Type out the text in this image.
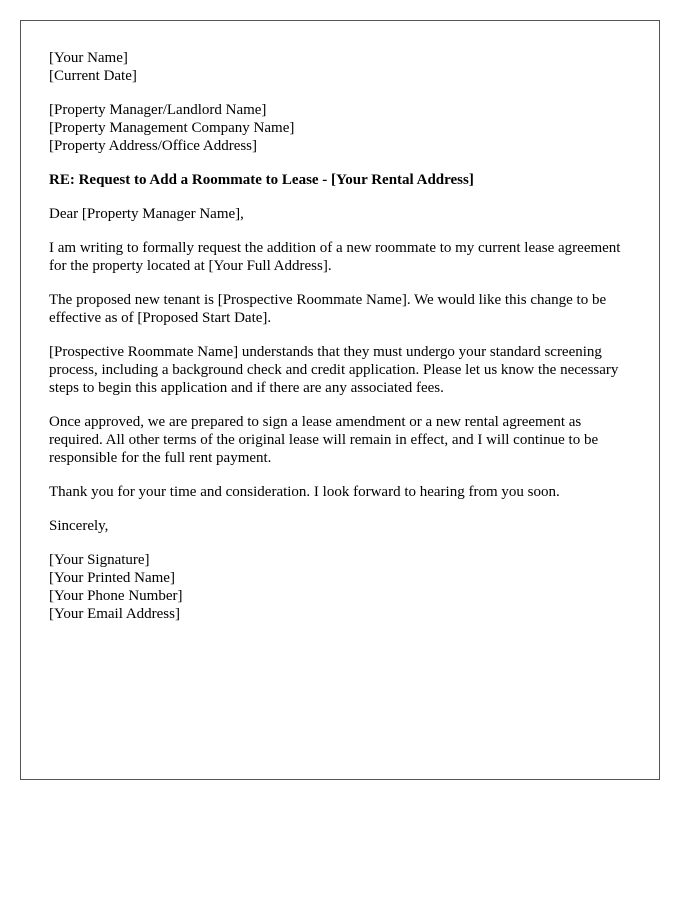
[Your Name]
[Current Date]
[Property Manager/Landlord Name]
[Property Management Company Name]
[Property Address/Office Address]
RE: Request to Add a Roommate to Lease - [Your Rental Address]

Dear [Property Manager Name],

I am writing to formally request the addition of a new roommate to my current lease agreement for the property located at [Your Full Address].

The proposed new tenant is [Prospective Roommate Name]. We would like this change to be effective as of [Proposed Start Date].

[Prospective Roommate Name] understands that they must undergo your standard screening process, including a background check and credit application. Please let us know the necessary steps to begin this application and if there are any associated fees.

Once approved, we are prepared to sign a lease amendment or a new rental agreement as required. All other terms of the original lease will remain in effect, and I will continue to be responsible for the full rent payment.

Thank you for your time and consideration. I look forward to hearing from you soon.

Sincerely,

[Your Signature]
[Your Printed Name]
[Your Phone Number]
[Your Email Address]
